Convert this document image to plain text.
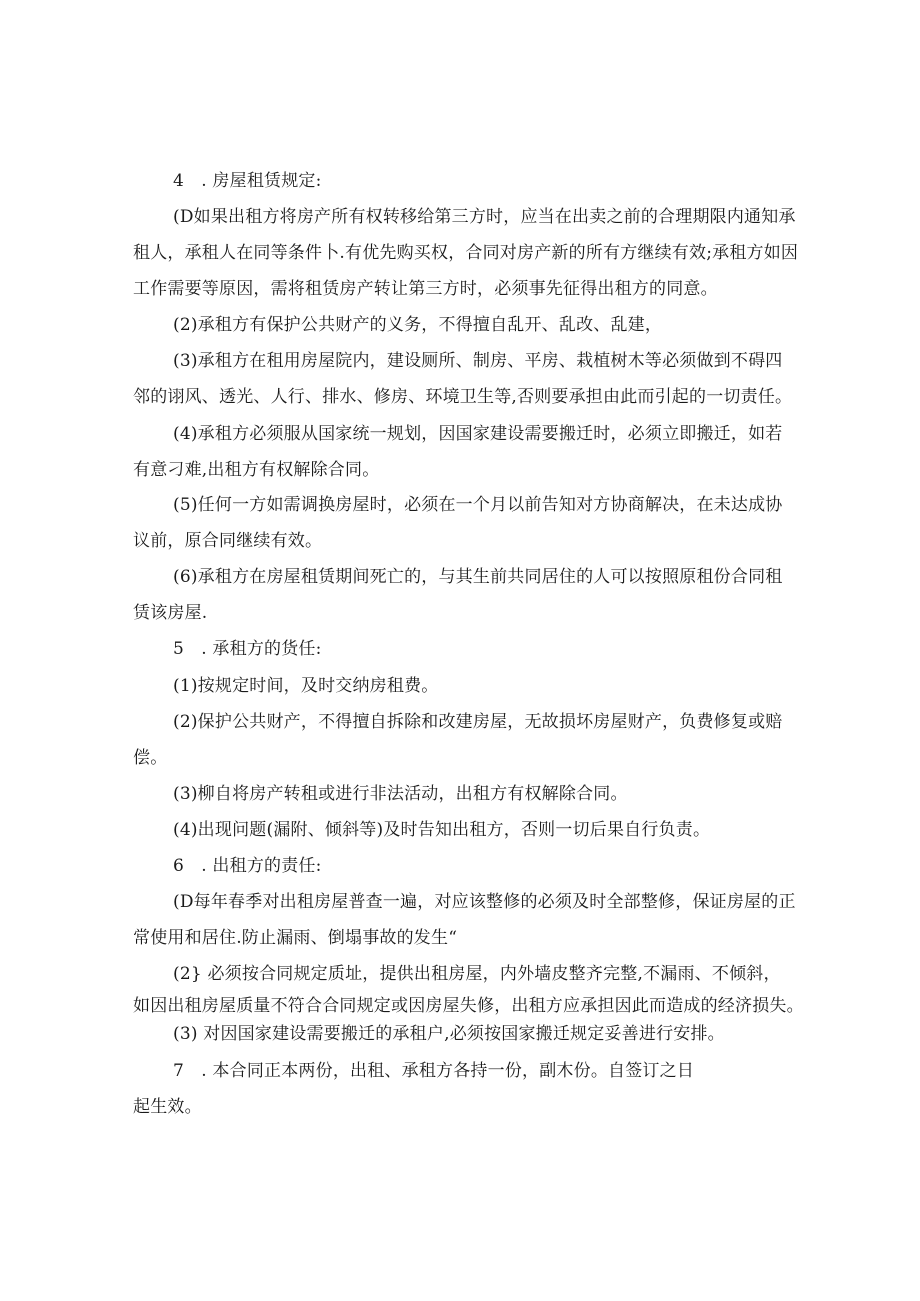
4　. 房屋租赁规定:
(D如果出租方将房产所有权转移给第三方时，应当在出卖之前的合理期限内通知承
租人，承租人在同等条件卜.有优先购买权，合同对房产新的所有方继续有效;承租方如因
工作需要等原因，需将租赁房产转让第三方时，必须事先征得出租方的同意。
(2)承租方有保护公共财产的义务，不得擅自乱开、乱改、乱建，
(3)承租方在租用房屋院内，建设厕所、制房、平房、栽植树木等必须做到不碍四
邻的诩风、透光、人行、排水、修房、环境卫生等,否则要承担由此而引起的一切责任。
(4)承租方必须服从国家统一规划，因国家建设需要搬迁时，必须立即搬迁，如若
有意刁难,出租方有权解除合同。
(5)任何一方如需调换房屋时，必须在一个月以前告知对方协商解决，在未达成协
议前，原合同继续有效。
(6)承租方在房屋租赁期间死亡的，与其生前共同居住的人可以按照原租份合同租
赁该房屋.
5　. 承租方的货任:
(1)按规定时间，及时交纳房租费。
(2)保护公共财产，不得擅自拆除和改建房屋，无故损坏房屋财产，负费修复或赔
偿。
(3)柳自将房产转租或进行非法活动，出租方有权解除合同。
(4)出现问题(漏附、倾斜等)及时告知出租方，否则一切后果自行负责。
6　. 出租方的责任:
(D每年春季对出租房屋普查一遍，对应该整修的必须及时全部整修，保证房屋的正
常使用和居住.防止漏雨、倒塌事故的发生“
(2} 必须按合同规定质址，提供出租房屋，内外墙皮整齐完整,不漏雨、不倾斜，
如因出租房屋质量不符合合同规定或因房屋失修，出租方应承担因此而造成的经济损失。
(3) 对因国家建设需要搬迁的承租户,必须按国家搬迁规定妥善进行安排。
7　. 本合同正本两份，出租、承租方各持一份，副木份。自签订之日
起生效。
